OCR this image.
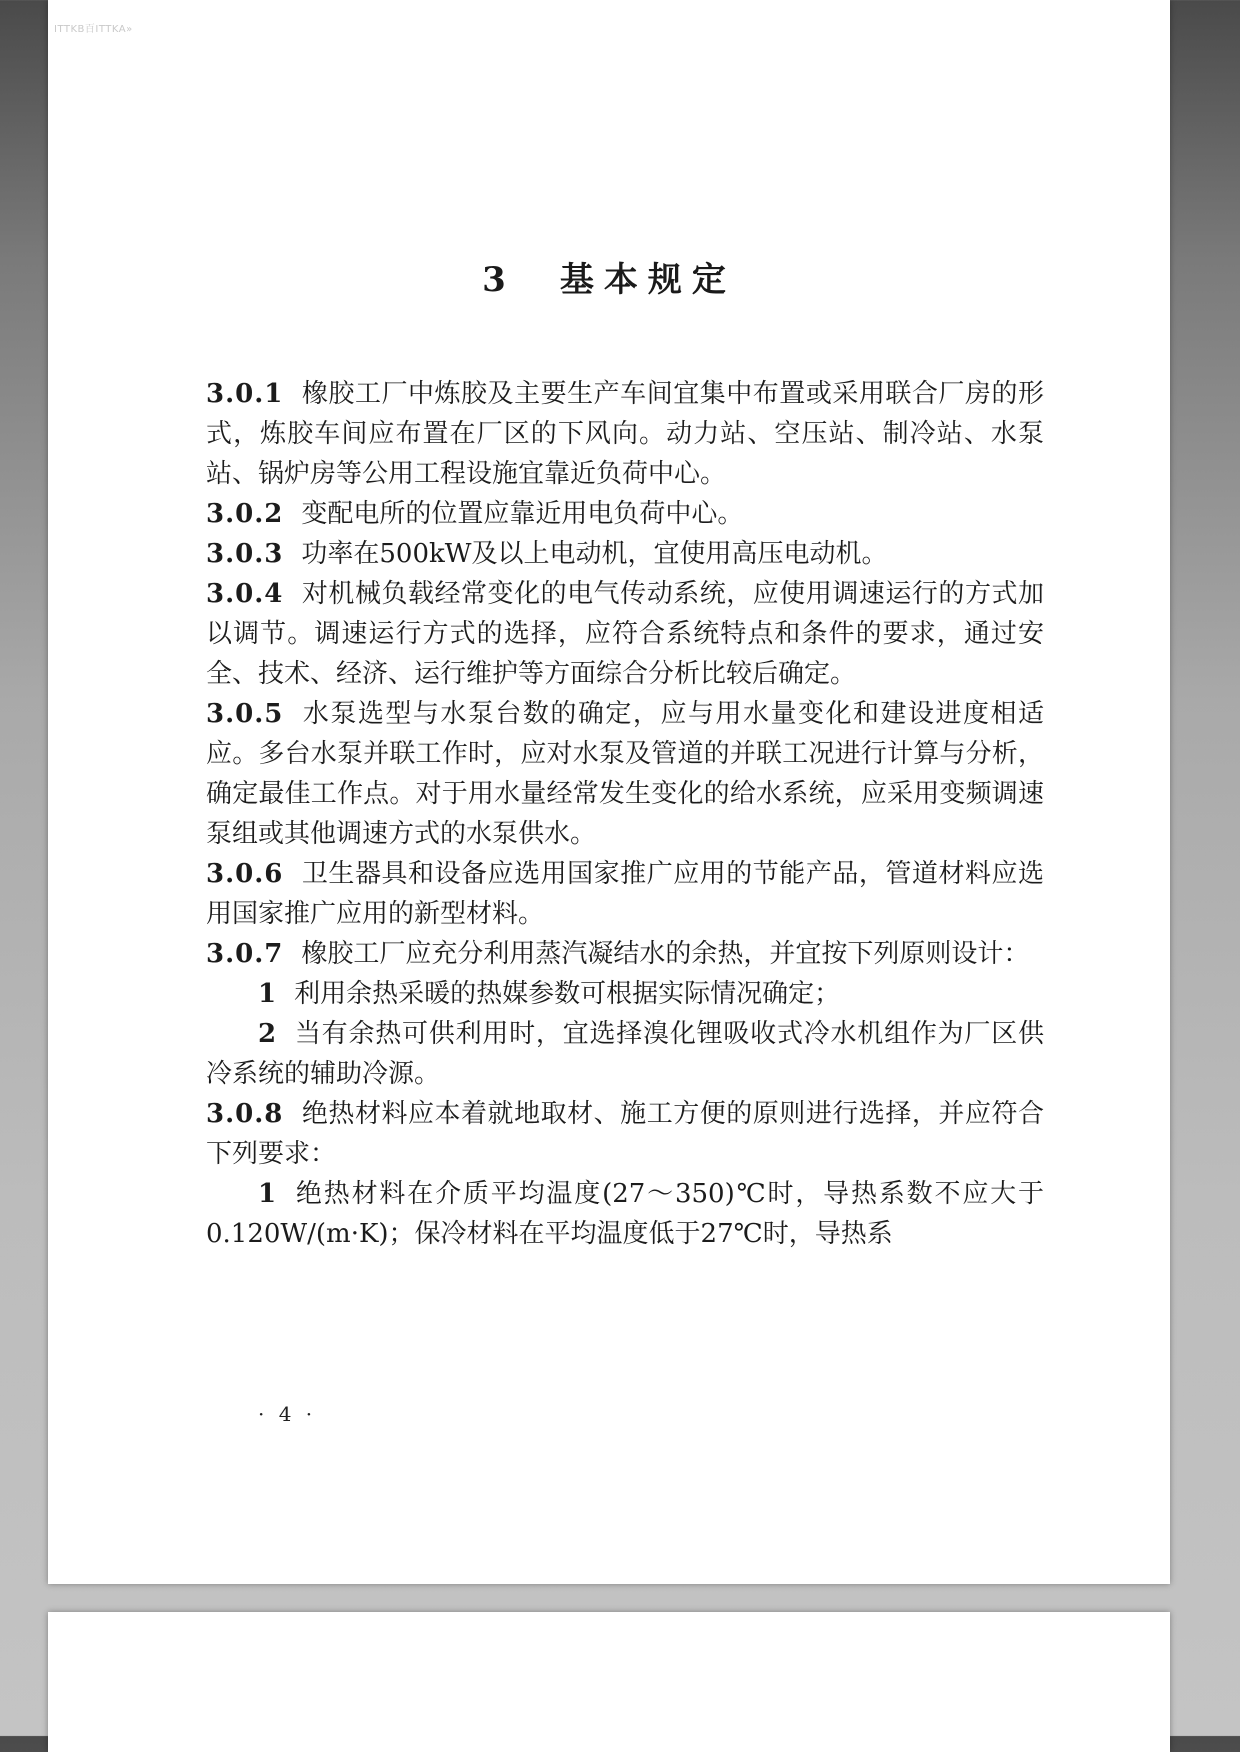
ITTKB百ITTKA»
3　基本规定

3.0.1 橡胶工厂中炼胶及主要生产车间宜集中布置或采用联合厂房的形式，炼胶车间应布置在厂区的下风向。动力站、空压站、制冷站、水泵站、锅炉房等公用工程设施宜靠近负荷中心。

3.0.2 变配电所的位置应靠近用电负荷中心。

3.0.3 功率在500kW及以上电动机，宜使用高压电动机。

3.0.4 对机械负载经常变化的电气传动系统，应使用调速运行的方式加以调节。调速运行方式的选择，应符合系统特点和条件的要求，通过安全、技术、经济、运行维护等方面综合分析比较后确定。

3.0.5 水泵选型与水泵台数的确定，应与用水量变化和建设进度相适应。多台水泵并联工作时，应对水泵及管道的并联工况进行计算与分析，确定最佳工作点。对于用水量经常发生变化的给水系统，应采用变频调速泵组或其他调速方式的水泵供水。

3.0.6 卫生器具和设备应选用国家推广应用的节能产品，管道材料应选用国家推广应用的新型材料。

3.0.7 橡胶工厂应充分利用蒸汽凝结水的余热，并宜按下列原则设计：

1 利用余热采暖的热媒参数可根据实际情况确定；

2 当有余热可供利用时，宜选择溴化锂吸收式冷水机组作为厂区供冷系统的辅助冷源。

3.0.8 绝热材料应本着就地取材、施工方便的原则进行选择，并应符合下列要求：

1 绝热材料在介质平均温度(27～350)℃时，导热系数不应大于0.120W/(m·K)；保冷材料在平均温度低于27℃时，导热系

· 4 ·
